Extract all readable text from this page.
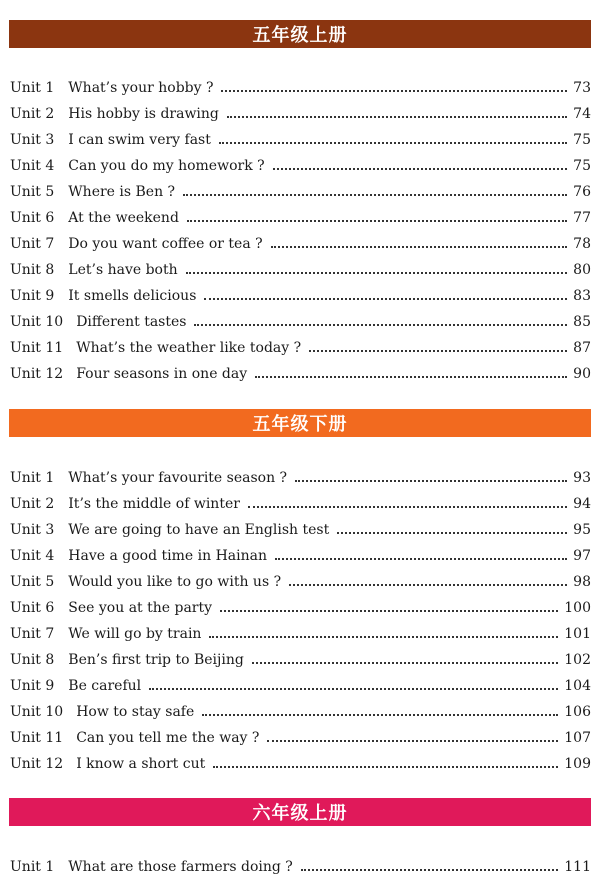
五年级上册
Unit 1 What’s your hobby ?	73
Unit 2 His hobby is drawing	74
Unit 3 I can swim very fast	75
Unit 4 Can you do my homework ?	75
Unit 5 Where is Ben ?	76
Unit 6 At the weekend	77
Unit 7 Do you want coffee or tea ?	78
Unit 8 Let’s have both	80
Unit 9 It smells delicious	83
Unit 10 Different tastes	85
Unit 11 What’s the weather like today ?	87
Unit 12 Four seasons in one day	90
五年级下册
Unit 1 What’s your favourite season ?	93
Unit 2 It’s the middle of winter	94
Unit 3 We are going to have an English test	95
Unit 4 Have a good time in Hainan	97
Unit 5 Would you like to go with us ?	98
Unit 6 See you at the party	100
Unit 7 We will go by train	101
Unit 8 Ben’s first trip to Beijing	102
Unit 9 Be careful	104
Unit 10 How to stay safe	106
Unit 11 Can you tell me the way ?	107
Unit 12 I know a short cut	109
六年级上册
Unit 1 What are those farmers doing ?	111
